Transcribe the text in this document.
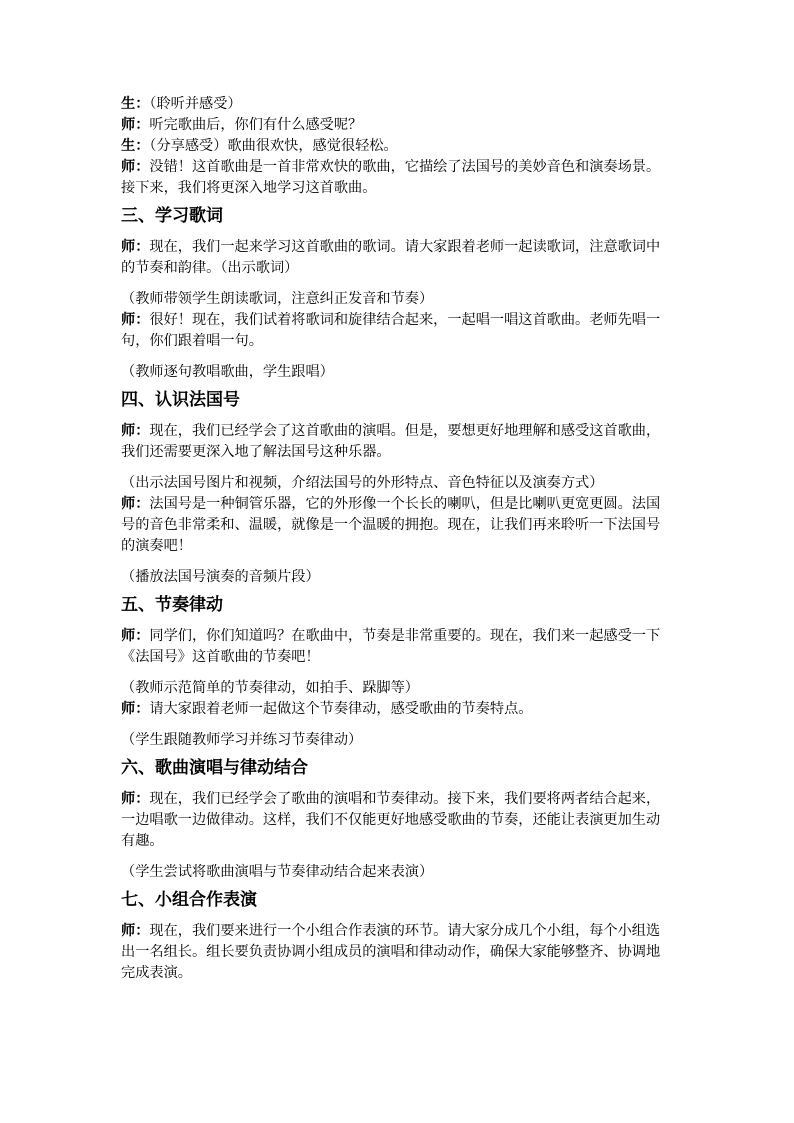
生：（聆听并感受）

师：听完歌曲后，你们有什么感受呢？

生：（分享感受）歌曲很欢快，感觉很轻松。

师：没错！这首歌曲是一首非常欢快的歌曲，它描绘了法国号的美妙音色和演奏场景。接下来，我们将更深入地学习这首歌曲。

三、学习歌词

师：现在，我们一起来学习这首歌曲的歌词。请大家跟着老师一起读歌词，注意歌词中的节奏和韵律。（出示歌词）

（教师带领学生朗读歌词，注意纠正发音和节奏）

师：很好！现在，我们试着将歌词和旋律结合起来，一起唱一唱这首歌曲。老师先唱一句，你们跟着唱一句。

（教师逐句教唱歌曲，学生跟唱）

四、认识法国号

师：现在，我们已经学会了这首歌曲的演唱。但是，要想更好地理解和感受这首歌曲，我们还需要更深入地了解法国号这种乐器。

（出示法国号图片和视频，介绍法国号的外形特点、音色特征以及演奏方式）

师：法国号是一种铜管乐器，它的外形像一个长长的喇叭，但是比喇叭更宽更圆。法国号的音色非常柔和、温暖，就像是一个温暖的拥抱。现在，让我们再来聆听一下法国号的演奏吧！

（播放法国号演奏的音频片段）

五、节奏律动

师：同学们，你们知道吗？在歌曲中，节奏是非常重要的。现在，我们来一起感受一下《法国号》这首歌曲的节奏吧！

（教师示范简单的节奏律动，如拍手、跺脚等）

师：请大家跟着老师一起做这个节奏律动，感受歌曲的节奏特点。

（学生跟随教师学习并练习节奏律动）

六、歌曲演唱与律动结合

师：现在，我们已经学会了歌曲的演唱和节奏律动。接下来，我们要将两者结合起来，一边唱歌一边做律动。这样，我们不仅能更好地感受歌曲的节奏，还能让表演更加生动有趣。

（学生尝试将歌曲演唱与节奏律动结合起来表演）

七、小组合作表演

师：现在，我们要来进行一个小组合作表演的环节。请大家分成几个小组，每个小组选出一名组长。组长要负责协调小组成员的演唱和律动动作，确保大家能够整齐、协调地完成表演。
